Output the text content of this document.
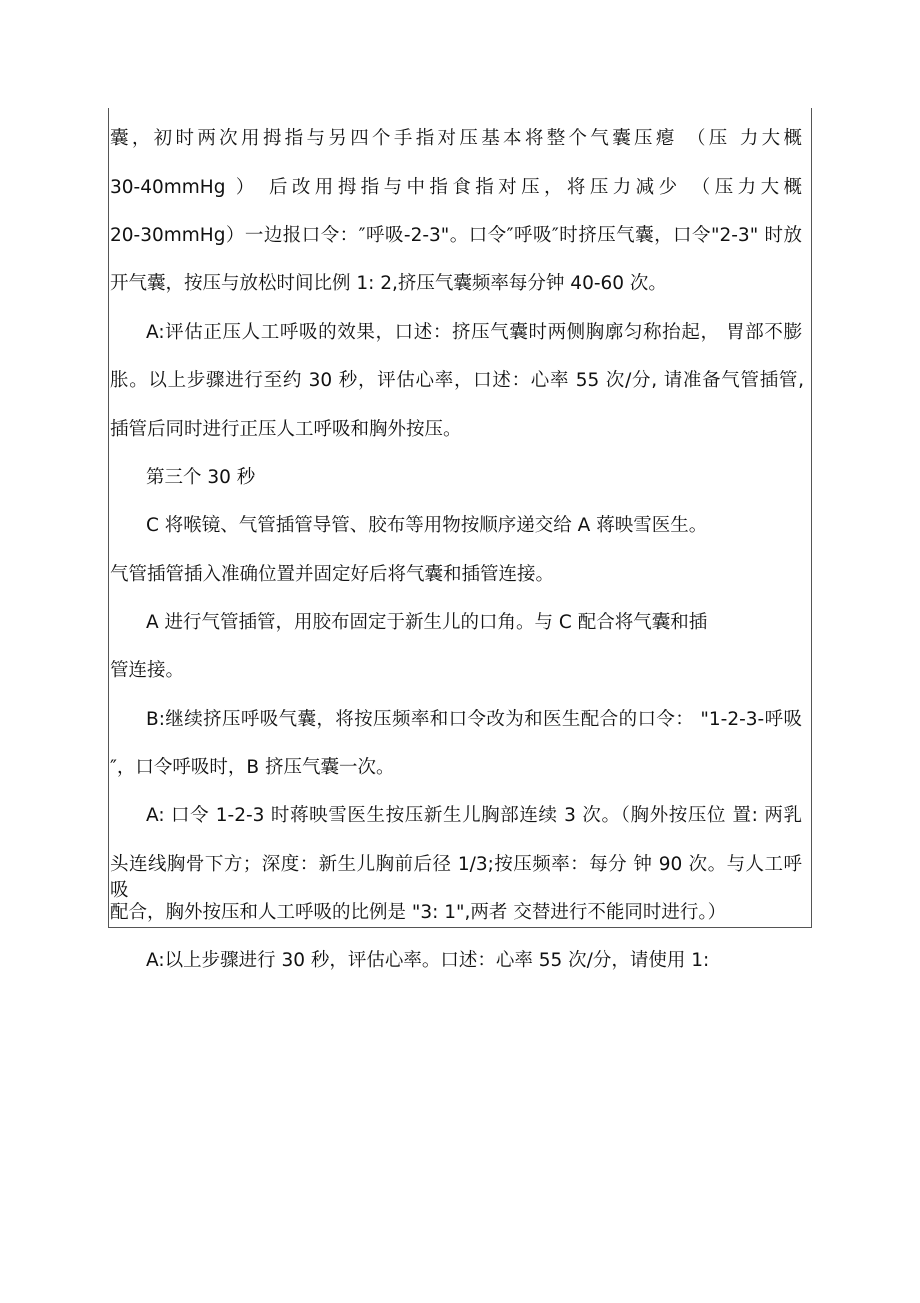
囊，初时两次用拇指与另四个手指对压基本将整个气囊压瘪 （压 力大概

30-40mmHg ） 后改用拇指与中指食指对压，将压力减少 （压力大概

20-30mmHg）一边报口令：″呼吸-2-3"。口令″呼吸″时挤压气囊，口令"2-3" 时放

开气囊，按压与放松时间比例 1: 2,挤压气囊频率每分钟 40-60 次。

A:评估正压人工呼吸的效果，口述：挤压气囊时两侧胸廓匀称抬起， 胃部不膨

胀。以上步骤进行至约 30 秒，评估心率，口述：心率 55 次/分, 请准备气管插管,

插管后同时进行正压人工呼吸和胸外按压。

第三个 30 秒

C 将喉镜、气管插管导管、胶布等用物按顺序递交给 A 蒋映雪医生。

气管插管插入准确位置并固定好后将气囊和插管连接。

A 进行气管插管，用胶布固定于新生儿的口角。与 C 配合将气囊和插

管连接。

B:继续挤压呼吸气囊，将按压频率和口令改为和医生配合的口令： "1-2-3-呼吸

″，口令呼吸时，B 挤压气囊一次。

A: 口令 1-2-3 时蒋映雪医生按压新生儿胸部连续 3 次。（胸外按压位 置: 两乳

头连线胸骨下方；深度：新生儿胸前后径 1/3;按压频率：每分 钟 90 次。与人工呼吸

配合，胸外按压和人工呼吸的比例是 "3: 1",两者 交替进行不能同时进行。）

A:以上步骤进行 30 秒，评估心率。口述：心率 55 次/分，请使用 1:
